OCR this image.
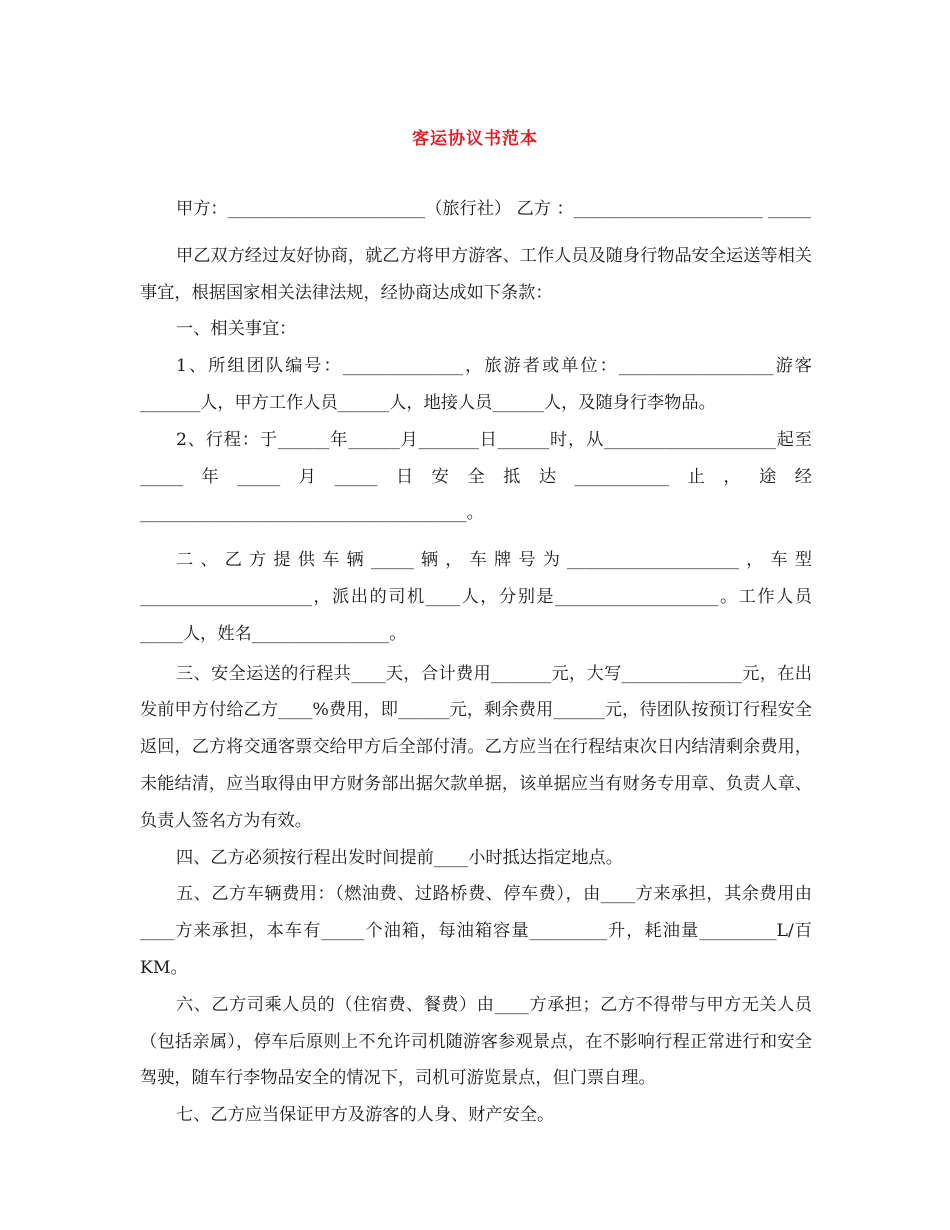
客运协议书范本

甲方：_______________________（旅行社） 乙方 ：______________________ _____

甲乙双方经过友好协商，就乙方将甲方游客、工作人员及随身行物品安全运送等相关事宜，根据国家相关法律法规，经协商达成如下条款：

一、相关事宜：

1、所组团队编号：______________，旅游者或单位：__________________游客_______人，甲方工作人员______人，地接人员______人，及随身行李物品。

2、行程：于______年______月_______日______时，从____________________起至_____年_____月_____日安全抵达___________止，途经______________________________________。

二、乙方提供车辆_____辆，车牌号为____________________，车型____________________，派出的司机____人，分别是___________________。工作人员_____人，姓名________________。

三、安全运送的行程共____天，合计费用_______元，大写______________元，在出发前甲方付给乙方____%费用，即______元，剩余费用______元，待团队按预订行程安全返回，乙方将交通客票交给甲方后全部付清。乙方应当在行程结束次日内结清剩余费用，未能结清，应当取得由甲方财务部出据欠款单据，该单据应当有财务专用章、负责人章、负责人签名方为有效。

四、乙方必须按行程出发时间提前____小时抵达指定地点。

五、乙方车辆费用：（燃油费、过路桥费、停车费），由____方来承担，其余费用由____方来承担，本车有_____个油箱，每油箱容量_________升，耗油量_________L/百KM。

六、乙方司乘人员的（住宿费、餐费）由____方承担；乙方不得带与甲方无关人员（包括亲属），停车后原则上不允许司机随游客参观景点，在不影响行程正常进行和安全驾驶，随车行李物品安全的情况下，司机可游览景点，但门票自理。

七、乙方应当保证甲方及游客的人身、财产安全。
